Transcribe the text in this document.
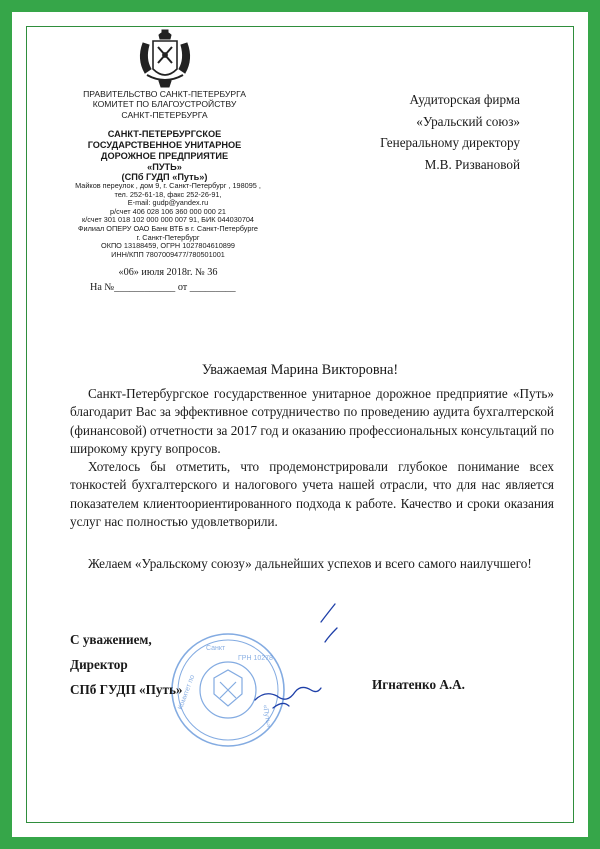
ПРАВИТЕЛЬСТВО САНКТ-ПЕТЕРБУРГА
КОМИТЕТ ПО БЛАГОУСТРОЙСТВУ
САНКТ-ПЕТЕРБУРГА
САНКТ-ПЕТЕРБУРГСКОЕ
ГОСУДАРСТВЕННОЕ УНИТАРНОЕ
ДОРОЖНОЕ ПРЕДПРИЯТИЕ
«ПУТЬ»
(СПб ГУДП «Путь»)
Майков переулок , дом 9, г. Санкт-Петербург , 198095 ,
тел. 252-61-18, факс 252-26-91,
E-mail: gudp@yandex.ru
р/счет 406 028 106 360 000 000 21
к/счет 301 018 102 000 000 007 91, БИК 044030704
Филиал ОПЕРУ ОАО Банк ВТБ в г. Санкт-Петербурге
г. Санкт-Петербург
ОКПО 13188459, ОГРН 1027804610899
ИНН/КПП 7807009477/780501001
«06» июля 2018г. № 36
На №____________ от _________
Аудиторская фирма
«Уральский союз»
Генеральному директору
М.В. Ризвановой
Уважаемая Марина Викторовна!
Санкт-Петербургское государственное унитарное дорожное предприятие «Путь» благодарит Вас за эффективное сотрудничество по проведению аудита бухгалтерской (финансовой) отчетности за 2017 год и оказанию профессиональных консультаций по широкому кругу вопросов.
Хотелось бы отметить, что продемонстрировали глубокое понимание всех тонкостей бухгалтерского и налогового учета нашей отрасли, что для нас является показателем клиентоориентированного подхода к работе. Качество и сроки оказания услуг нас полностью удовлетворили.
Желаем «Уральскому союзу» дальнейших успехов и всего самого наилучшего!
Санкт
ГРН 10278
Комитет по
«Путь»
С уважением,
Директор
СПб ГУДП «Путь»	Игнатенко А.А.
